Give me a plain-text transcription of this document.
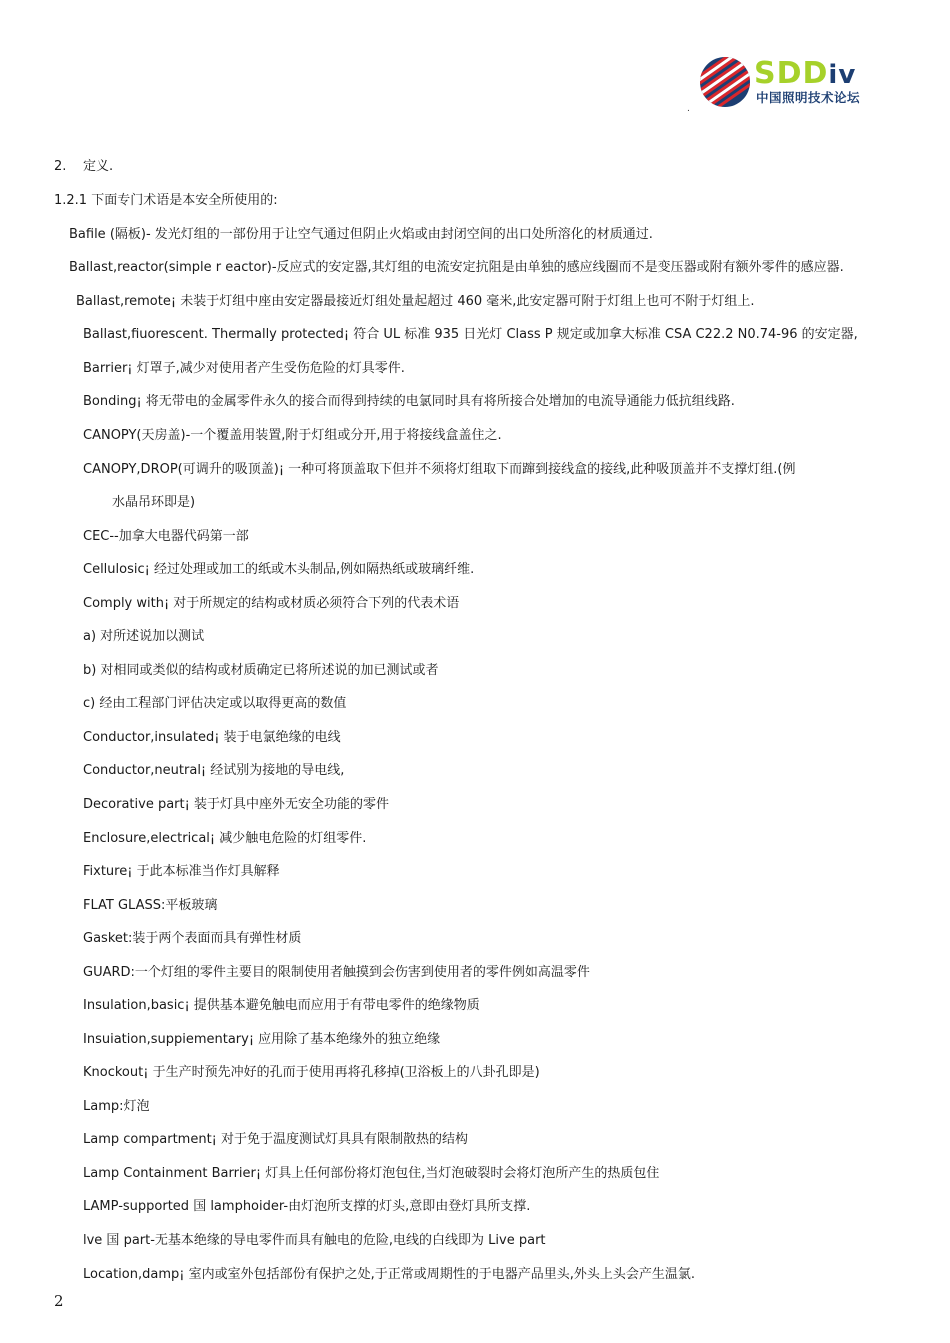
SDDiv
中国照明技术论坛
.
2. 定义.
1.2.1 下面专门术语是本安全所使用的:
Bafile (隔板)- 发光灯组的一部份用于让空气通过但阴止火焰或由封闭空间的出口处所溶化的材质通过.
Ballast,reactor(simple r eactor)-反应式的安定器,其灯组的电流安定抗阻是由单独的感应线圈而不是变压器或附有额外零件的感应器.
Ballast,remote¡ 未装于灯组中座由安定器最接近灯组处量起超过 460 毫米,此安定器可附于灯组上也可不附于灯组上.
Ballast,fiuorescent. Thermally protected¡ 符合 UL 标准 935 日光灯 Class P 规定或加拿大标准 CSA C22.2 N0.74-96 的安定器,
Barrier¡ 灯罩子,减少对使用者产生受伤危险的灯具零件.
Bonding¡ 将无带电的金属零件永久的接合而得到持续的电氯同时具有将所接合处增加的电流导通能力低抗组线路.
CANOPY(天房盖)-一个覆盖用装置,附于灯组或分开,用于将接线盒盖住之.
CANOPY,DROP(可调升的吸顶盖)¡ 一种可将顶盖取下但并不须将灯组取下而蹿到接线盒的接线,此种吸顶盖并不支撑灯组.(例
水晶吊环即是)
CEC--加拿大电器代码第一部
Cellulosic¡ 经过处理或加工的纸或木头制品,例如隔热纸或玻璃纤维.
Comply with¡ 对于所规定的结构或材质必须符合下列的代表术语
a) 对所述说加以测试
b) 对相同或类似的结构或材质确定已将所述说的加已测试或者
c) 经由工程部门评估决定或以取得更高的数值
Conductor,insulated¡ 装于电氯绝缘的电线
Conductor,neutral¡ 经试别为接地的导电线,
Decorative part¡ 装于灯具中座外无安全功能的零件
Enclosure,electrical¡ 减少触电危险的灯组零件.
Fixture¡ 于此本标准当作灯具解释
FLAT GLASS:平板玻璃
Gasket:装于两个表面而具有弹性材质
GUARD:一个灯组的零件主要目的限制使用者触摸到会伤害到使用者的零件例如高温零件
Insulation,basic¡ 提供基本避免触电而应用于有带电零件的绝缘物质
Insuiation,suppiementary¡ 应用除了基本绝缘外的独立绝缘
Knockout¡ 于生产时预先冲好的孔而于使用再将孔移掉(卫浴板上的八卦孔即是)
Lamp:灯泡
Lamp compartment¡ 对于免于温度测试灯具具有限制散热的结构
Lamp Containment Barrier¡ 灯具上任何部份将灯泡包住,当灯泡破裂时会将灯泡所产生的热质包住
LAMP-supported 国 lamphoider-由灯泡所支撑的灯头,意即由登灯具所支撑.
lve 国 part-无基本绝缘的导电零件而具有触电的危险,电线的白线即为 Live part
Location,damp¡ 室内或室外包括部份有保护之处,于正常或周期性的于电器产品里头,外头上头会产生温氯.
2
